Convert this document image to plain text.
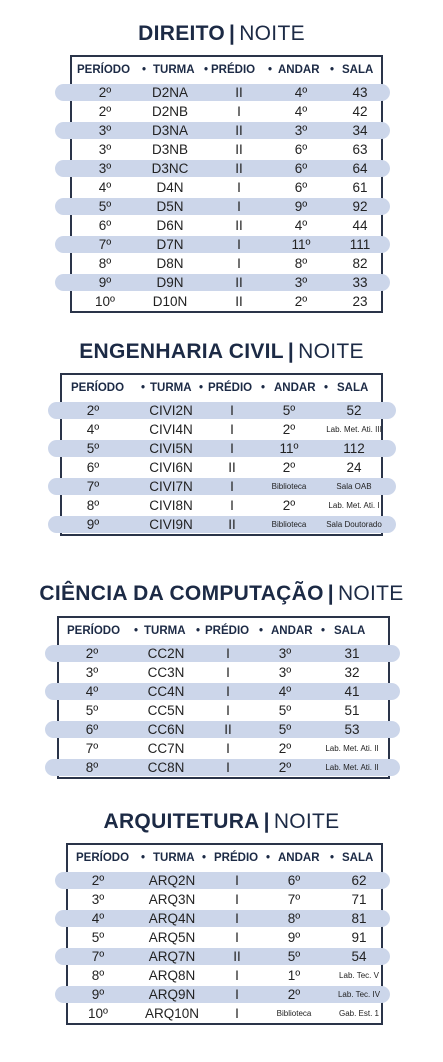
DIREITO | NOITE
PERÍODO • TURMA • PRÉDIO • ANDAR • SALA
2º	D2NA	II	4º	43
2º	D2NB	I	4º	42
3º	D3NA	II	3º	34
3º	D3NB	II	6º	63
3º	D3NC	II	6º	64
4º	D4N	I	6º	61
5º	D5N	I	9º	92
6º	D6N	II	4º	44
7º	D7N	I	11º	111
8º	D8N	I	8º	82
9º	D9N	II	3º	33
10º	D10N	II	2º	23
ENGENHARIA CIVIL | NOITE
PERÍODO • TURMA • PRÉDIO • ANDAR • SALA
2º	CIVI2N	I	5º	52
4º	CIVI4N	I	2º	Lab. Met. Ati. III
5º	CIVI5N	I	11º	112
6º	CIVI6N	II	2º	24
7º	CIVI7N	I	Biblioteca	Sala OAB
8º	CIVI8N	I	2º	Lab. Met. Ati. I
9º	CIVI9N	II	Biblioteca	Sala Doutorado
CIÊNCIA DA COMPUTAÇÃO | NOITE
PERÍODO • TURMA • PRÉDIO • ANDAR • SALA
2º	CC2N	I	3º	31
3º	CC3N	I	3º	32
4º	CC4N	I	4º	41
5º	CC5N	I	5º	51
6º	CC6N	II	5º	53
7º	CC7N	I	2º	Lab. Met. Ati. II
8º	CC8N	I	2º	Lab. Met. Ati. II
ARQUITETURA | NOITE
PERÍODO • TURMA • PRÉDIO • ANDAR • SALA
2º	ARQ2N	I	6º	62
3º	ARQ3N	I	7º	71
4º	ARQ4N	I	8º	81
5º	ARQ5N	I	9º	91
7º	ARQ7N	II	5º	54
8º	ARQ8N	I	1º	Lab. Tec. V
9º	ARQ9N	I	2º	Lab. Tec. IV
10º	ARQ10N	I	Biblioteca	Gab. Est. 1
